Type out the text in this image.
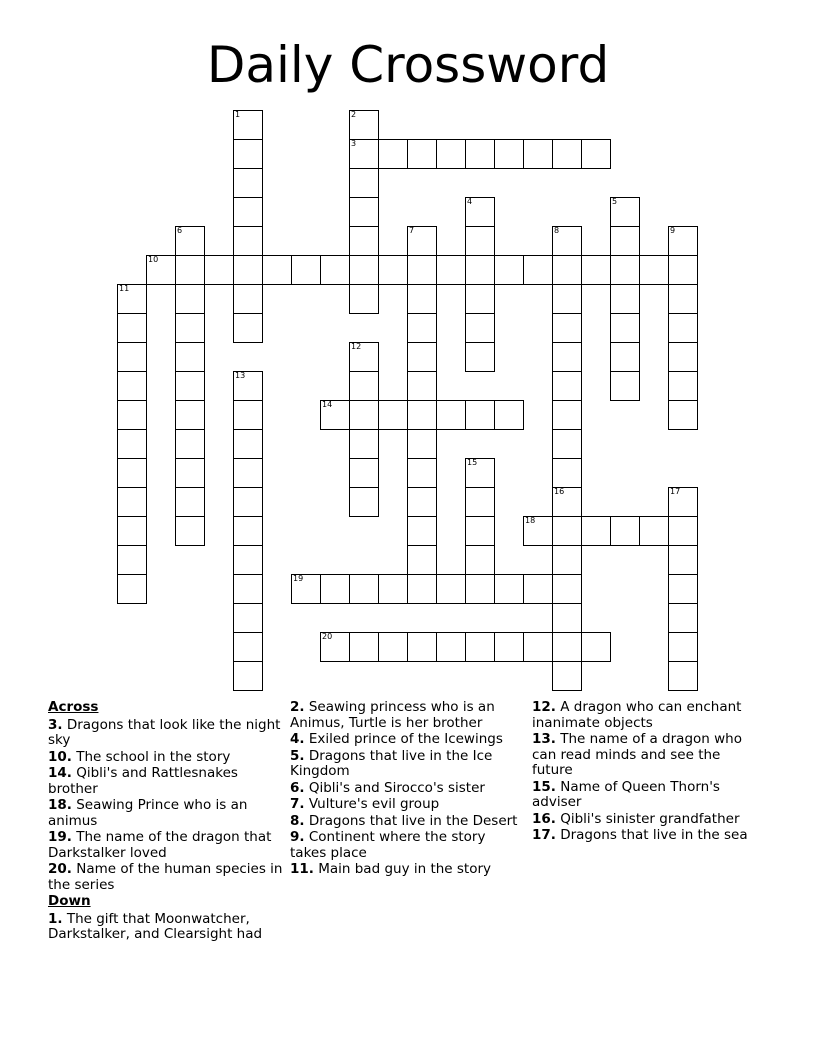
Daily Crossword
1	2
3
4	5
6	7	8	9
10
11
12
13
14
15
16	17
18
19
20
Across
3. Dragons that look like the night sky
10. The school in the story
14. Qibli's and Rattlesnakes brother
18. Seawing Prince who is an animus
19. The name of the dragon that Darkstalker loved
20. Name of the human species in the series
Down
1. The gift that Moonwatcher, Darkstalker, and Clearsight had
2. Seawing princess who is an Animus, Turtle is her brother
4. Exiled prince of the Icewings
5. Dragons that live in the Ice Kingdom
6. Qibli's and Sirocco's sister
7. Vulture's evil group
8. Dragons that live in the Desert
9. Continent where the story takes place
11. Main bad guy in the story
12. A dragon who can enchant inanimate objects
13. The name of a dragon who can read minds and see the future
15. Name of Queen Thorn's adviser
16. Qibli's sinister grandfather
17. Dragons that live in the sea
